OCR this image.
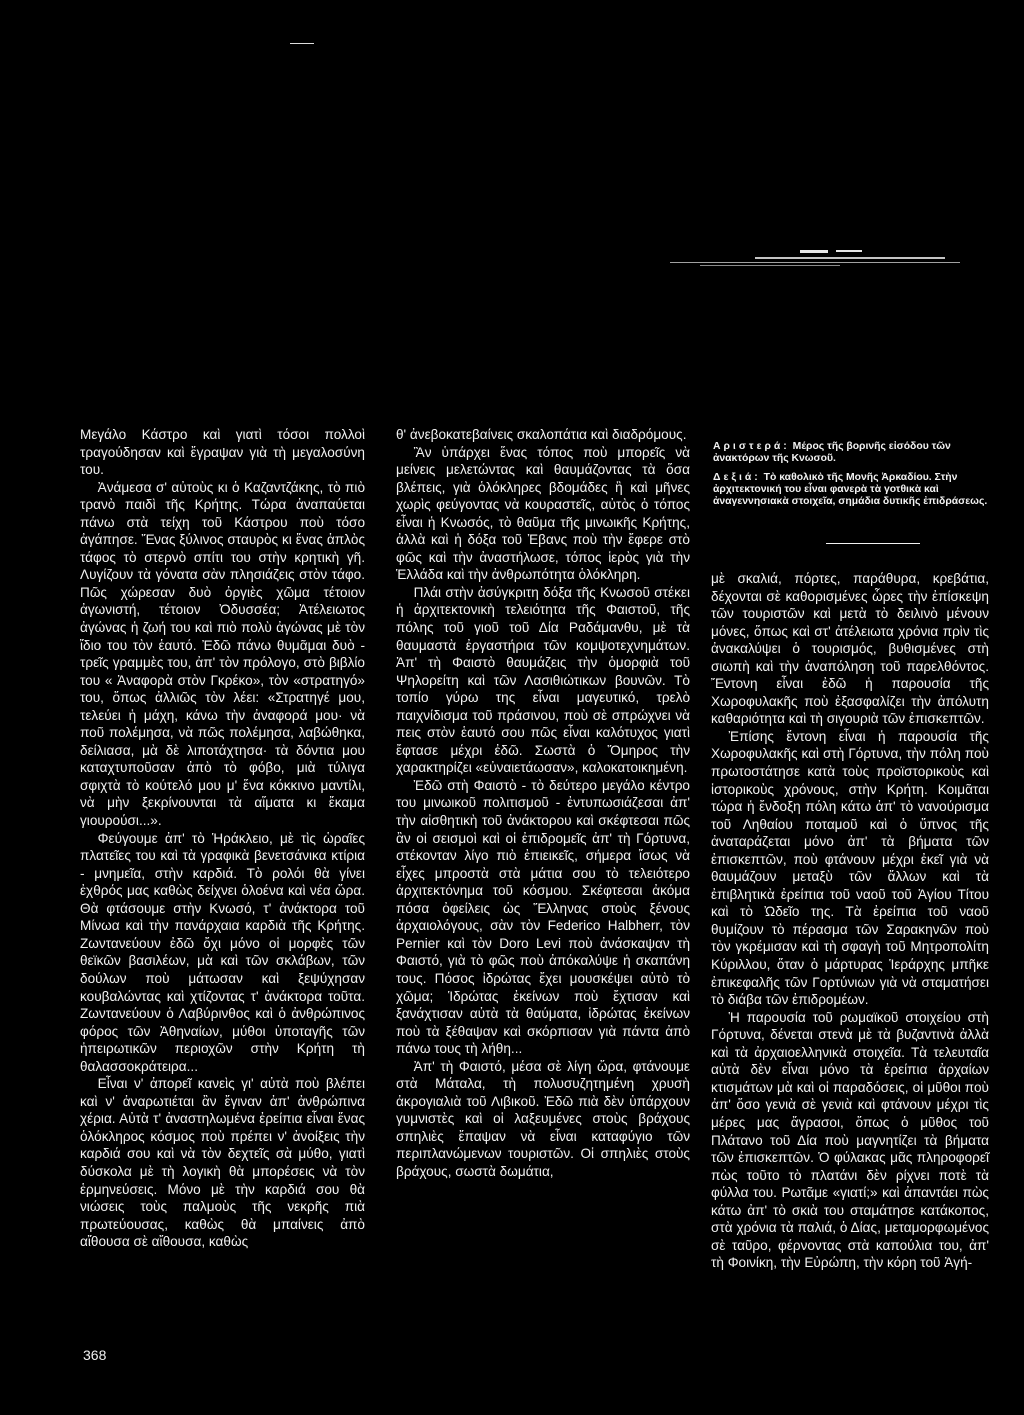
Αριστερά: Μέρος τῆς βορινῆς εἰσόδου τῶν ἀνακτόρων τῆς Κνωσοῦ.

Δεξιά: Τὸ καθολικὸ τῆς Μονῆς Ἀρκαδίου. Στὴν ἀρχιτεκτονική του εἶναι φανερὰ τὰ γοτθικὰ καὶ ἀναγεννησιακὰ στοιχεῖα, σημάδια δυτικῆς ἐπιδράσεως.

Μεγάλο Κάστρο καὶ γιατὶ τόσοι πολλοὶ τραγούδησαν καὶ ἔγραψαν γιὰ τὴ μεγαλοσύνη του.

Ἀνάμεσα σ' αὐτοὺς κι ὁ Καζαντζάκης, τὸ πιὸ τρανὸ παιδὶ τῆς Κρήτης. Τώρα ἀναπαύεται πάνω στὰ τείχη τοῦ Κάστρου ποὺ τόσο ἀγάπησε. Ἕνας ξύλινος σταυρὸς κι ἕνας ἁπλὸς τάφος τὸ στερνὸ σπίτι του στὴν κρητικὴ γῆ. Λυγίζουν τὰ γόνατα σὰν πλησιάζεις στὸν τάφο. Πῶς χώρεσαν δυὸ ὀργιὲς χῶμα τέτοιον ἀγωνιστή, τέτοιον Ὀδυσσέα; Ἀτέλειωτος ἀγώνας ἡ ζωή του καὶ πιὸ πολὺ ἀγώνας μὲ τὸν ἴδιο του τὸν ἑαυτό. Ἐδῶ πάνω θυμᾶμαι δυὸ - τρεῖς γραμμὲς του, ἀπ' τὸν πρόλογο, στὸ βιβλίο του « Ἀναφορὰ στὸν Γκρέκο», τὸν «στρατηγό» του, ὅπως ἀλλιῶς τὸν λέει: «Στρατηγέ μου, τελεύει ἡ μάχη, κάνω τὴν ἀναφορά μου· νὰ ποῦ πολέμησα, νὰ πῶς πολέμησα, λαβώθηκα, δείλιασα, μὰ δὲ λιποτάχτησα· τὰ δόντια μου καταχτυποῦσαν ἀπὸ τὸ φόβο, μιὰ τύλιγα σφιχτὰ τὸ κούτελό μου μ' ἕνα κόκκινο μαντίλι, νὰ μὴν ξεκρίνουνται τὰ αἵματα κι ἔκαμα γιουρούσι...».

Φεύγουμε ἀπ' τὸ Ἡράκλειο, μὲ τὶς ὡραῖες πλατεῖες του καὶ τὰ γραφικὰ βενετσάνικα κτίρια - μνημεῖα, στὴν καρδιά. Τὸ ρολόι θὰ γίνει ἐχθρός μας καθὼς δείχνει ὁλοένα καὶ νέα ὥρα. Θὰ φτάσουμε στὴν Κνωσό, τ' ἀνάκτορα τοῦ Μίνωα καὶ τὴν πανάρχαια καρδιὰ τῆς Κρήτης. Ζωντανεύουν ἐδῶ ὄχι μόνο οἱ μορφὲς τῶν θεϊκῶν βασιλέων, μὰ καὶ τῶν σκλάβων, τῶν δούλων ποὺ μάτωσαν καὶ ξεψύχησαν κουβαλώντας καὶ χτίζοντας τ' ἀνάκτορα τοῦτα. Ζωντανεύουν ὁ Λαβύρινθος καὶ ὁ ἀνθρώπινος φόρος τῶν Ἀθηναίων, μύθοι ὑποταγῆς τῶν ἠπειρωτικῶν περιοχῶν στὴν Κρήτη τὴ θαλασσοκράτειρα...

Εἶναι ν' ἀπορεῖ κανεὶς γι' αὐτὰ ποὺ βλέπει καὶ ν' ἀναρωτιέται ἂν ἔγιναν ἀπ' ἀνθρώπινα χέρια. Αὐτὰ τ' ἀναστηλωμένα ἐρείπια εἶναι ἕνας ὁλόκληρος κόσμος ποὺ πρέπει ν' ἀνοίξεις τὴν καρδιά σου καὶ νὰ τὸν δεχτεῖς σὰ μύθο, γιατὶ δύσκολα μὲ τὴ λογικὴ θὰ μπορέσεις νὰ τὸν ἑρμηνεύσεις. Μόνο μὲ τὴν καρδιά σου θὰ νιώσεις τοὺς παλμοὺς τῆς νεκρῆς πιὰ πρωτεύουσας, καθὼς θὰ μπαίνεις ἀπὸ αἴθουσα σὲ αἴθουσα, καθὼς

θ' ἀνεβοκατεβαίνεις σκαλοπάτια καὶ διαδρόμους.

Ἂν ὑπάρχει ἕνας τόπος ποὺ μπορεῖς νὰ μείνεις μελετώντας καὶ θαυμάζοντας τὰ ὅσα βλέπεις, γιὰ ὁλόκληρες βδομάδες ἢ καὶ μῆνες χωρὶς φεύγοντας νὰ κουραστεῖς, αὐτὸς ὁ τόπος εἶναι ἡ Κνωσός, τὸ θαῦμα τῆς μινωικῆς Κρήτης, ἀλλὰ καὶ ἡ δόξα τοῦ Ἐβανς ποὺ τὴν ἔφερε στὸ φῶς καὶ τὴν ἀναστήλωσε, τόπος ἱερὸς γιὰ τὴν Ἑλλάδα καὶ τὴν ἀνθρωπότητα ὁλόκληρη.

Πλάι στὴν ἀσύγκριτη δόξα τῆς Κνωσοῦ στέκει ἡ ἀρχιτεκτονικὴ τελειότητα τῆς Φαιστοῦ, τῆς πόλης τοῦ γιοῦ τοῦ Δία Ραδάμανθυ, μὲ τὰ θαυμαστὰ ἐργαστήρια τῶν κομψοτεχνημάτων. Ἀπ' τὴ Φαιστὸ θαυμάζεις τὴν ὁμορφιὰ τοῦ Ψηλορείτη καὶ τῶν Λασιθιώτικων βουνῶν. Τὸ τοπίο γύρω της εἶναι μαγευτικό, τρελὸ παιχνίδισμα τοῦ πράσινου, ποὺ σὲ σπρώχνει νὰ πεις στὸν ἑαυτό σου πῶς εἶναι καλότυχος γιατὶ ἔφτασε μέχρι ἐδῶ. Σωστὰ ὁ Ὅμηρος τὴν χαρακτηρίζει «εὐναιετάωσαν», καλοκατοικημένη.

Ἐδῶ στὴ Φαιστὸ - τὸ δεύτερο μεγάλο κέντρο του μινωικοῦ πολιτισμοῦ - ἐντυπωσιάζεσαι ἀπ' τὴν αἰσθητικὴ τοῦ ἀνάκτορου καὶ σκέφτεσαι πῶς ἂν οἱ σεισμοὶ καὶ οἱ ἐπιδρομεῖς ἀπ' τὴ Γόρτυνα, στέκονταν λίγο πιὸ ἐπιεικεῖς, σήμερα ἴσως νὰ εἶχες μπροστὰ στὰ μάτια σου τὸ τελειότερο ἀρχιτεκτόνημα τοῦ κόσμου. Σκέφτεσαι ἀκόμα πόσα ὀφείλεις ὡς Ἕλληνας στοὺς ξένους ἀρχαιολόγους, σὰν τὸν Federico Halbherr, τὸν Pernier καὶ τὸν Doro Levi ποὺ ἀνάσκαψαν τὴ Φαιστό, γιὰ τὸ φῶς ποὺ ἀπόκαλύψε ἡ σκαπάνη τους. Πόσος ἱδρώτας ἔχει μουσκέψει αὐτὸ τὸ χῶμα; Ἱδρώτας ἐκείνων ποὺ ἔχτισαν καὶ ξανάχτισαν αὐτὰ τὰ θαύματα, ἱδρώτας ἐκείνων ποὺ τὰ ξέθαψαν καὶ σκόρπισαν γιὰ πάντα ἀπὸ πάνω τους τὴ λήθη...

Ἀπ' τὴ Φαιστό, μέσα σὲ λίγη ὥρα, φτάνουμε στὰ Μάταλα, τὴ πολυσυζητημένη χρυσὴ ἀκρογιαλιὰ τοῦ Λιβικοῦ. Ἐδῶ πιὰ δὲν ὑπάρχουν γυμνιστὲς καὶ οἱ λαξευμένες στοὺς βράχους σπηλιὲς ἔπαψαν νὰ εἶναι καταφύγιο τῶν περιπλανώμενων τουριστῶν. Οἱ σπηλιὲς στοὺς βράχους, σωστὰ δωμάτια,

μὲ σκαλιά, πόρτες, παράθυρα, κρεβάτια, δέχονται σὲ καθορισμένες ὧρες τὴν ἐπίσκεψη τῶν τουριστῶν καὶ μετὰ τὸ δειλινὸ μένουν μόνες, ὅπως καὶ στ' ἀτέλειωτα χρόνια πρὶν τὶς ἀνακαλύψει ὁ τουρισμός, βυθισμένες στὴ σιωπὴ καὶ τὴν ἀναπόληση τοῦ παρελθόντος. Ἔντονη εἶναι ἐδῶ ἡ παρουσία τῆς Χωροφυλακῆς ποὺ ἐξασφαλίζει τὴν ἀπόλυτη καθαριότητα καὶ τὴ σιγουριὰ τῶν ἐπισκεπτῶν.

Ἐπίσης ἔντονη εἶναι ἡ παρουσία τῆς Χωροφυλακῆς καὶ στὴ Γόρτυνα, τὴν πόλη ποὺ πρωτοστάτησε κατὰ τοὺς προϊστορικοὺς καὶ ἱστορικοὺς χρόνους, στὴν Κρήτη. Κοιμᾶται τώρα ἡ ἔνδοξη πόλη κάτω ἀπ' τὸ νανούρισμα τοῦ Ληθαίου ποταμοῦ καὶ ὁ ὕπνος τῆς ἀναταράζεται μόνο ἀπ' τὰ βήματα τῶν ἐπισκεπτῶν, ποὺ φτάνουν μέχρι ἐκεῖ γιὰ νὰ θαυμάζουν μεταξὺ τῶν ἄλλων καὶ τὰ ἐπιβλητικὰ ἐρείπια τοῦ ναοῦ τοῦ Ἁγίου Τίτου καὶ τὸ Ὠδεῖο της. Τὰ ἐρείπια τοῦ ναοῦ θυμίζουν τὸ πέρασμα τῶν Σαρακηνῶν ποὺ τὸν γκρέμισαν καὶ τὴ σφαγὴ τοῦ Μητροπολίτη Κύριλλου, ὅταν ὁ μάρτυρας Ἱεράρχης μπῆκε ἐπικεφαλῆς τῶν Γορτύνιων γιὰ νὰ σταματήσει τὸ διάβα τῶν ἐπιδρομέων.

Ἡ παρουσία τοῦ ρωμαϊκοῦ στοιχείου στὴ Γόρτυνα, δένεται στενὰ μὲ τὰ βυζαντινὰ ἀλλὰ καὶ τὰ ἀρχαιοελληνικὰ στοιχεῖα. Τὰ τελευταῖα αὐτὰ δὲν εἶναι μόνο τὰ ἐρείπια ἀρχαίων κτισμάτων μὰ καὶ οἱ παραδόσεις, οἱ μῦθοι ποὺ ἀπ' ὅσο γενιὰ σὲ γενιὰ καὶ φτάνουν μέχρι τὶς μέρες μας ἄγρασοι, ὅπως ὁ μῦθος τοῦ Πλάτανο τοῦ Δία ποὺ μαγνητίζει τὰ βήματα τῶν ἐπισκεπτῶν. Ὁ φύλακας μᾶς πληροφορεῖ πὼς τοῦτο τὸ πλατάνι δὲν ρίχνει ποτὲ τὰ φύλλα του. Ρωτᾶμε «γιατί;» καὶ ἀπαντάει πὼς κάτω ἀπ' τὸ σκιὰ του σταμάτησε κατάκοπος, στὰ χρόνια τὰ παλιά, ὁ Δίας, μεταμορφωμένος σὲ ταῦρο, φέρνοντας στὰ καπούλια του, ἀπ' τὴ Φοινίκη, τὴν Εὐρώπη, τὴν κόρη τοῦ Ἀγή-

368
